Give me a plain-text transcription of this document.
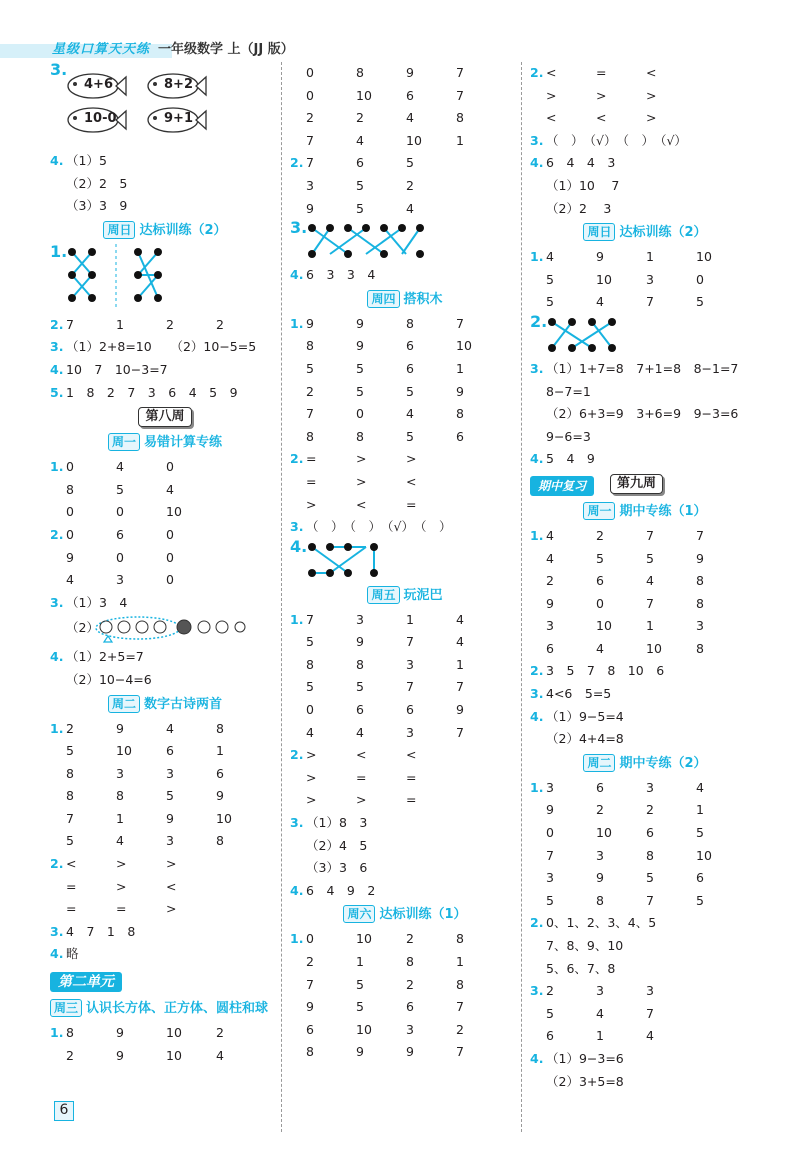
星级口算天天练 一年级数学 上（JJ 版）
3.
4+6	8+2
10-0	9+1
4. （1）5
（2）2　5
（3）3　9
周日 达标训练（2）
1.
2. 7	1	2	2
3. （1）2+8=10　　（2）10−5=5
4. 10　7　10−3=7
5. 1　8　2　7　3　6　4　5　9
第八周
周一 易错计算专练
1. 0	4	0
8	5	4
0	0	10
2. 0	6	0
9	0	0
4	3	0
3. （1）3　4
（2）
4. （1）2+5=7
（2）10−4=6
周二 数字古诗两首
1. 2	9	4	8
5	10	6	1
8	3	3	6
8	8	5	9
7	1	9	10
5	4	3	8
2. <	>	>
=	>	<
=	=	>
3. 4　7　1　8
4. 略
第二单元
周三 认识长方体、正方体、圆柱和球
1. 8	9	10	2
2	9	10	4
0	8	9	7
0	10	6	7
2	2	4	8
7	4	10	1
2. 7	6	5
3	5	2
9	5	4
3.
4. 6　3　3　4
周四 搭积木
1. 9	9	8	7
8	9	6	10
5	5	6	1
2	5	5	9
7	0	4	8
8	8	5	6
2. =	>	>
=	>	<
>	<	=
3. （　）　（　）　（√）　（　）
4.
周五 玩泥巴
1. 7	3	1	4
5	9	7	4
8	8	3	1
5	5	7	7
0	6	6	9
4	4	3	7
2. >	<	<
>	=	=
>	>	=
3. （1）8　3
（2）4　5
（3）3　6
4. 6　4　9　2
周六 达标训练（1）
1. 0	10	2	8
2	1	8	1
7	5	2	8
9	5	6	7
6	10	3	2
8	9	9	7
2. <	=	<
>	>	>
<	<	>
3. （　）　（√）　（　）　（√）
4. 6　4　4　3
（1）10　 7
（2）2　 3
周日 达标训练（2）
1. 4	9	1	10
5	10	3	0
5	4	7	5
2.
3. （1）1+7=8　7+1=8　8−1=7
8−7=1
（2）6+3=9　3+6=9　9−3=6
9−6=3
4. 5　4　9
期中复习	第九周
周一 期中专练（1）
1. 4	2	7	7
4	5	5	9
2	6	4	8
9	0	7	8
3	10	1	3
6	4	10	8
2. 3　5　7　8　10　6
3. 4<6　5=5
4. （1）9−5=4
（2）4+4=8
周二 期中专练（2）
1. 3	6	3	4
9	2	2	1
0	10	6	5
7	3	8	10
3	9	5	6
5	8	7	5
2. 0、1、2、3、4、5
7、8、9、10
5、6、7、8
3. 2	3	3
5	4	7
6	1	4
4. （1）9−3=6
（2）3+5=8
6
